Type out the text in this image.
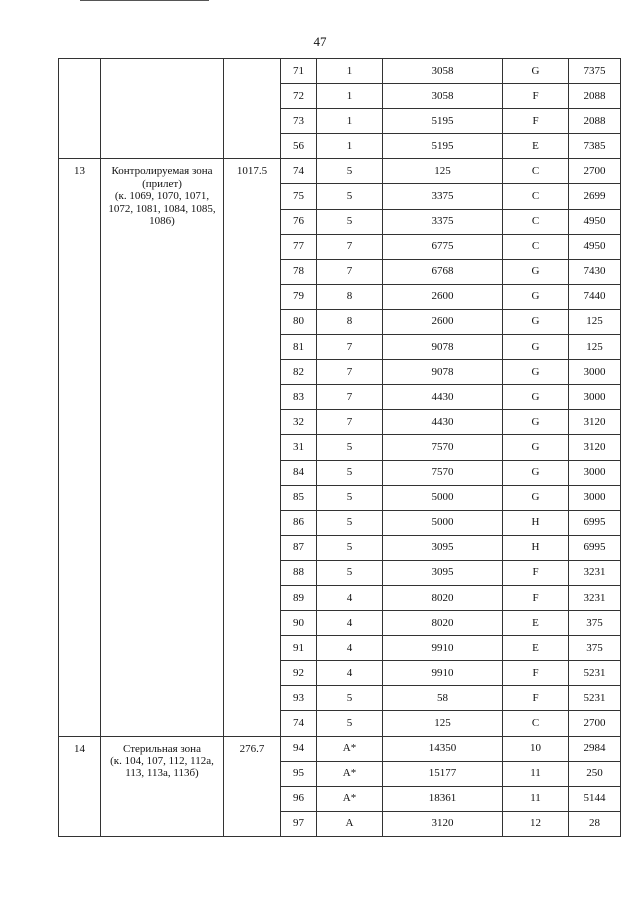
47
			71	1	3058	G	7375
			72	1	3058	F	2088
			73	1	5195	F	2088
			56	1	5195	E	7385
13	Контролируемая зона
(прилет)
(к. 1069, 1070, 1071,
1072, 1081, 1084, 1085,
1086)	1017.5	74	5	125	C	2700
			75	5	3375	C	2699
			76	5	3375	C	4950
			77	7	6775	C	4950
			78	7	6768	G	7430
			79	8	2600	G	7440
			80	8	2600	G	125
			81	7	9078	G	125
			82	7	9078	G	3000
			83	7	4430	G	3000
			32	7	4430	G	3120
			31	5	7570	G	3120
			84	5	7570	G	3000
			85	5	5000	G	3000
			86	5	5000	H	6995
			87	5	3095	H	6995
			88	5	3095	F	3231
			89	4	8020	F	3231
			90	4	8020	E	375
			91	4	9910	E	375
			92	4	9910	F	5231
			93	5	58	F	5231
			74	5	125	C	2700
14	Стерильная зона
(к. 104, 107, 112, 112а,
113, 113а, 113б)	276.7	94	A*	14350	10	2984
			95	A*	15177	11	250
			96	A*	18361	11	5144
			97	A	3120	12	28
